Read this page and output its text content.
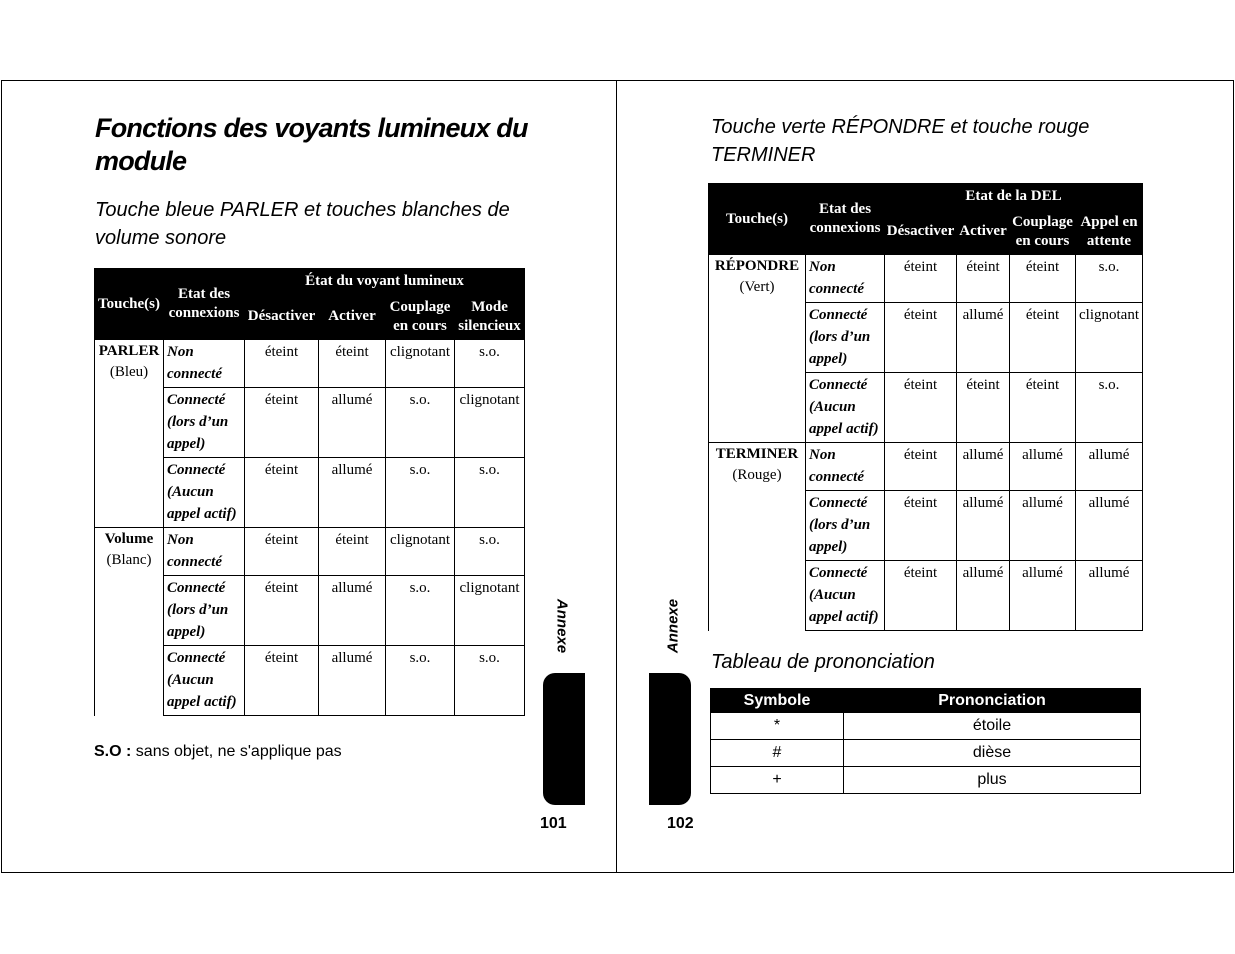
Fonctions des voyants lumineux du module
Touche bleue PARLER et touches blanches de volume sonore
Touche(s)	Etat des connexions	État du voyant lumineux			
		Désactiver	Activer	Couplage en cours	Mode silencieux

PARLER
(Bleu)	Non connecté	éteint	éteint	clignotant	s.o.
	Connecté (lors d’un appel)	éteint	allumé	s.o.	clignotant
	Connecté (Aucun appel actif)	éteint	allumé	s.o.	s.o.

Volume
(Blanc)	Non connecté	éteint	éteint	clignotant	s.o.
	Connecté (lors d’un appel)	éteint	allumé	s.o.	clignotant
	Connecté (Aucun appel actif)	éteint	allumé	s.o.	s.o.
S.O : sans objet, ne s'applique pas
Annexe
101
Touche verte RÉPONDRE et touche rouge TERMINER
Touche(s)	Etat des connexions	Etat de la DEL			
		Désactiver	Activer	Couplage en cours	Appel en attente

RÉPONDRE
(Vert)	Non connecté	éteint	éteint	éteint	s.o.
	Connecté (lors d’un appel)	éteint	allumé	éteint	clignotant
	Connecté (Aucun appel actif)	éteint	éteint	éteint	s.o.

TERMINER
(Rouge)	Non connecté	éteint	allumé	allumé	allumé
	Connecté (lors d’un appel)	éteint	allumé	allumé	allumé
	Connecté (Aucun appel actif)	éteint	allumé	allumé	allumé
Tableau de prononciation
Symbole	Prononciation
*	étoile
#	dièse
+	plus
Annexe
102
